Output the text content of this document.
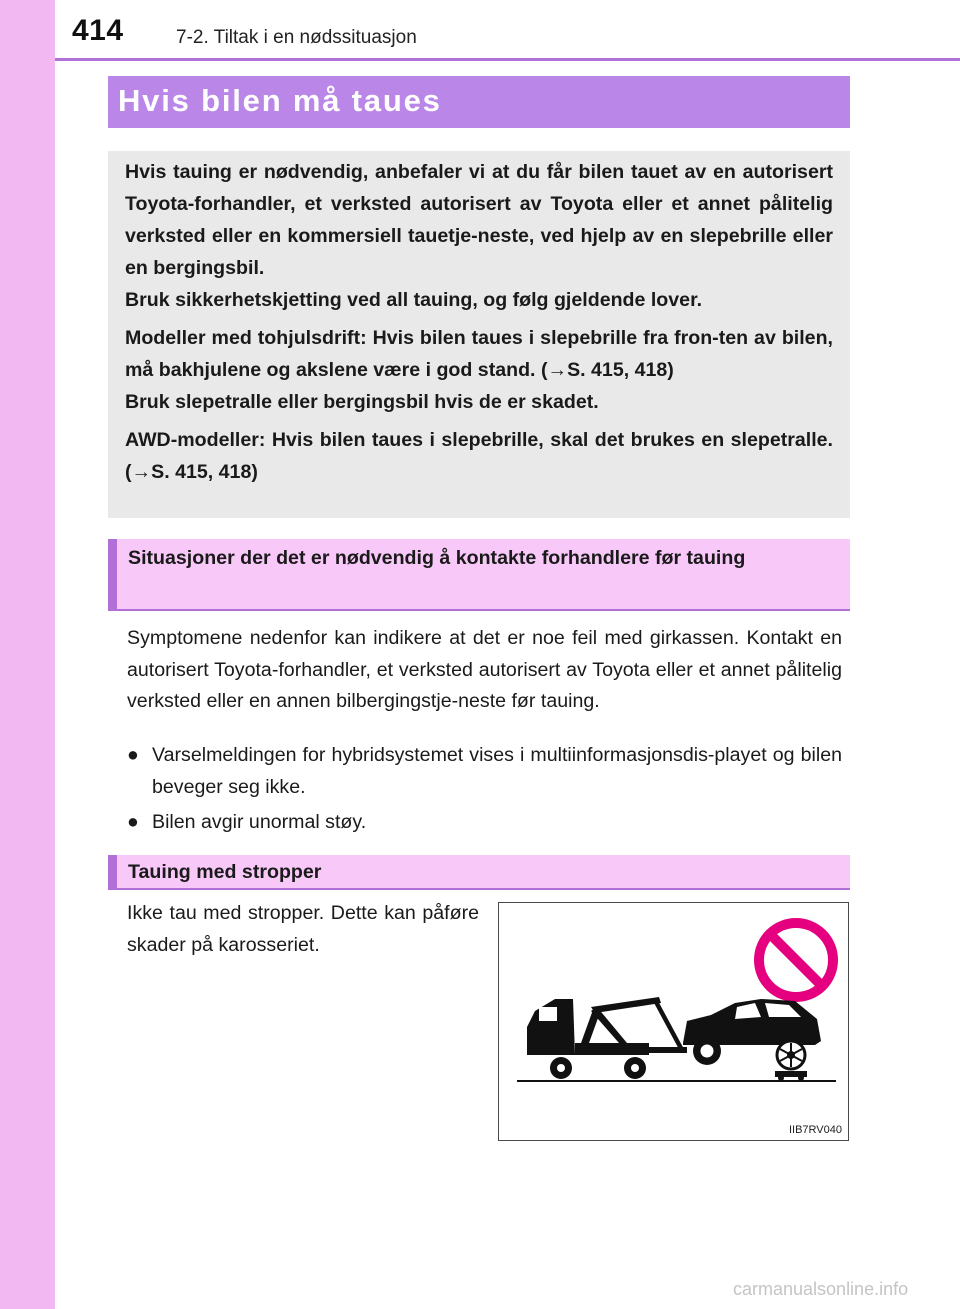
414	7-2. Tiltak i en nødssituasjon
Hvis bilen må taues

Hvis tauing er nødvendig, anbefaler vi at du får bilen tauet av en autorisert Toyota-forhandler, et verksted autorisert av Toyota eller et annet pålitelig verksted eller en kommersiell tauetje-neste, ved hjelp av en slepebrille eller en bergingsbil.

Bruk sikkerhetskjetting ved all tauing, og følg gjeldende lover.

Modeller med tohjulsdrift: Hvis bilen taues i slepebrille fra fron-ten av bilen, må bakhjulene og akslene være i god stand. (→S. 415, 418)

Bruk slepetralle eller bergingsbil hvis de er skadet.

AWD-modeller: Hvis bilen taues i slepebrille, skal det brukes en slepetralle. (→S. 415, 418)

Situasjoner der det er nødvendig å kontakte forhandlere før tauing

Symptomene nedenfor kan indikere at det er noe feil med girkassen. Kontakt en autorisert Toyota-forhandler, et verksted autorisert av Toyota eller et annet pålitelig verksted eller en annen bilbergingstje-neste før tauing.

● Varselmeldingen for hybridsystemet vises i multiinformasjonsdis-playet og bilen beveger seg ikke.
● Bilen avgir unormal støy.
Tauing med stropper

Ikke tau med stropper. Dette kan påføre skader på karosseriet.

IIB7RV040
carmanualsonline.info
